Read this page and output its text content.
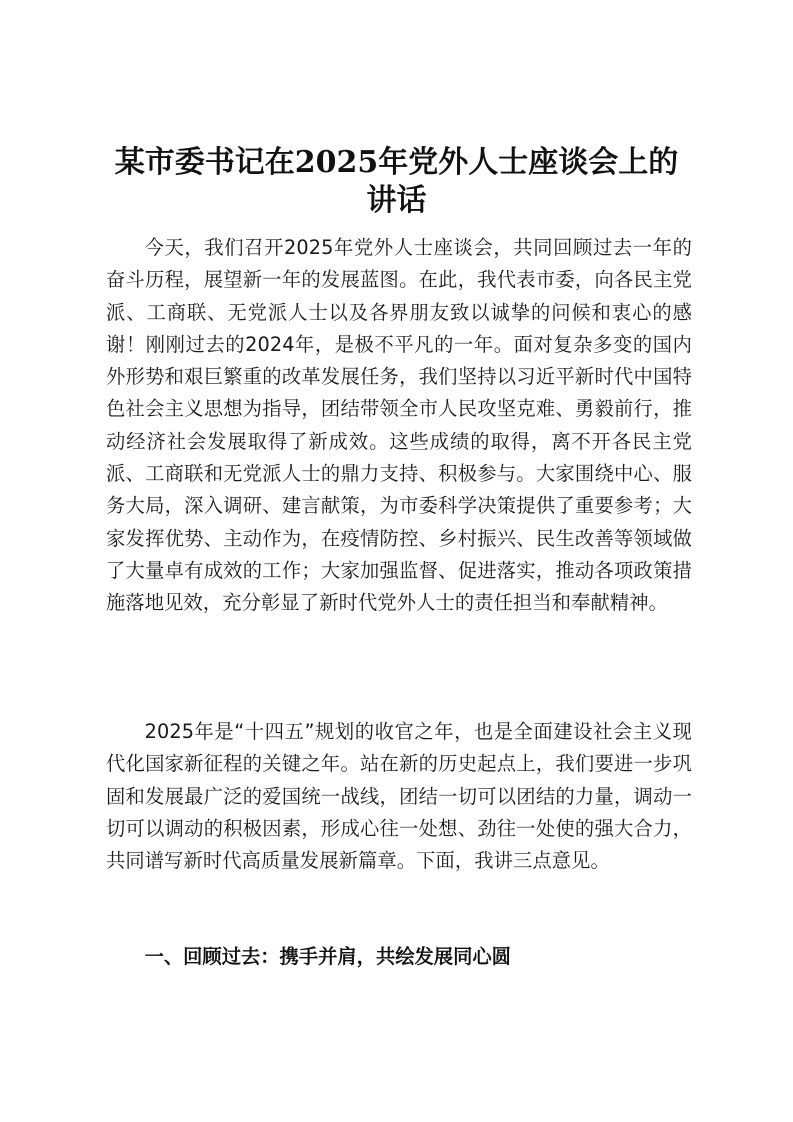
某市委书记在2025年党外人士座谈会上的讲话

今天，我们召开2025年党外人士座谈会，共同回顾过去一年的奋斗历程，展望新一年的发展蓝图。在此，我代表市委，向各民主党派、工商联、无党派人士以及各界朋友致以诚挚的问候和衷心的感谢！刚刚过去的2024年，是极不平凡的一年。面对复杂多变的国内外形势和艰巨繁重的改革发展任务，我们坚持以习近平新时代中国特色社会主义思想为指导，团结带领全市人民攻坚克难、勇毅前行，推动经济社会发展取得了新成效。这些成绩的取得，离不开各民主党派、工商联和无党派人士的鼎力支持、积极参与。大家围绕中心、服务大局，深入调研、建言献策，为市委科学决策提供了重要参考；大家发挥优势、主动作为，在疫情防控、乡村振兴、民生改善等领域做了大量卓有成效的工作；大家加强监督、促进落实，推动各项政策措施落地见效，充分彰显了新时代党外人士的责任担当和奉献精神。

2025年是“十四五”规划的收官之年，也是全面建设社会主义现代化国家新征程的关键之年。站在新的历史起点上，我们要进一步巩固和发展最广泛的爱国统一战线，团结一切可以团结的力量，调动一切可以调动的积极因素，形成心往一处想、劲往一处使的强大合力，共同谱写新时代高质量发展新篇章。下面，我讲三点意见。

一、回顾过去：携手并肩，共绘发展同心圆
